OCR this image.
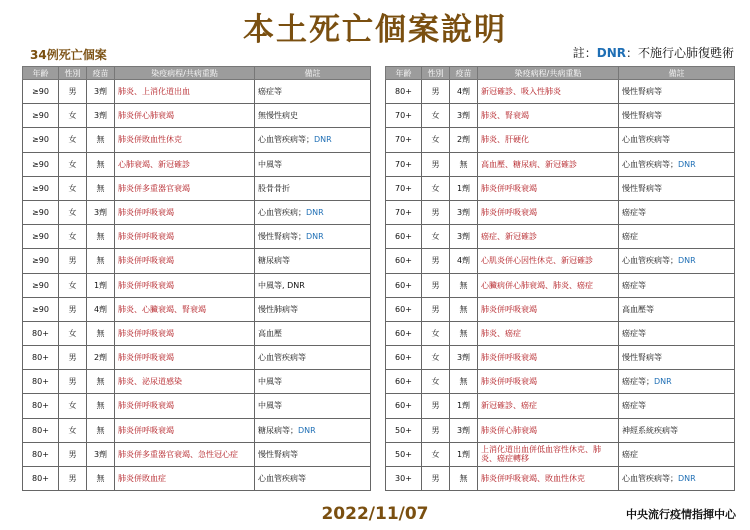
本土死亡個案說明
34例死亡個案	註：DNR：不施行心肺復甦術
年齡	性別	疫苗	染疫病程/共病重點	備註
≥90	男	3劑	肺炎、上消化道出血	癌症等
≥90	女	3劑	肺炎併心肺衰竭	無慢性病史
≥90	女	無	肺炎併敗血性休克	心血管疾病等；DNR
≥90	女	無	心肺衰竭、新冠確診	中風等
≥90	女	無	肺炎併多重器官衰竭	股骨骨折
≥90	女	3劑	肺炎併呼吸衰竭	心血管疾病；DNR
≥90	女	無	肺炎併呼吸衰竭	慢性腎病等；DNR
≥90	男	無	肺炎併呼吸衰竭	糖尿病等
≥90	女	1劑	肺炎併呼吸衰竭	中風等, DNR
≥90	男	4劑	肺炎、心臟衰竭、腎衰竭	慢性肺病等
80+	女	無	肺炎併呼吸衰竭	高血壓
80+	男	2劑	肺炎併呼吸衰竭	心血管疾病等
80+	男	無	肺炎、泌尿道感染	中風等
80+	女	無	肺炎併呼吸衰竭	中風等
80+	女	無	肺炎併呼吸衰竭	糖尿病等；DNR
80+	男	3劑	肺炎併多重器官衰竭、急性冠心症	慢性腎病等
80+	男	無	肺炎併敗血症	心血管疾病等
年齡	性別	疫苗	染疫病程/共病重點	備註
80+	男	4劑	新冠確診、吸入性肺炎	慢性腎病等
70+	女	3劑	肺炎、腎衰竭	慢性腎病等
70+	女	2劑	肺炎、肝硬化	心血管疾病等
70+	男	無	高血壓、糖尿病、新冠確診	心血管疾病等；DNR
70+	女	1劑	肺炎併呼吸衰竭	慢性腎病等
70+	男	3劑	肺炎併呼吸衰竭	癌症等
60+	女	3劑	癌症、新冠確診	癌症
60+	男	4劑	心肌炎併心因性休克、新冠確診	心血管疾病等；DNR
60+	男	無	心臟病併心肺衰竭、肺炎、癌症	癌症等
60+	男	無	肺炎併呼吸衰竭	高血壓等
60+	女	無	肺炎、癌症	癌症等
60+	女	3劑	肺炎併呼吸衰竭	慢性腎病等
60+	女	無	肺炎併呼吸衰竭	癌症等；DNR
60+	男	1劑	新冠確診、癌症	癌症等
50+	男	3劑	肺炎併心肺衰竭	神經系統疾病等
50+	女	1劑	上消化道出血併低血容性休克、肺炎、癌症轉移	癌症
30+	男	無	肺炎併呼吸衰竭、敗血性休克	心血管疾病等；DNR
2022/11/07	中央流行疫情指揮中心
